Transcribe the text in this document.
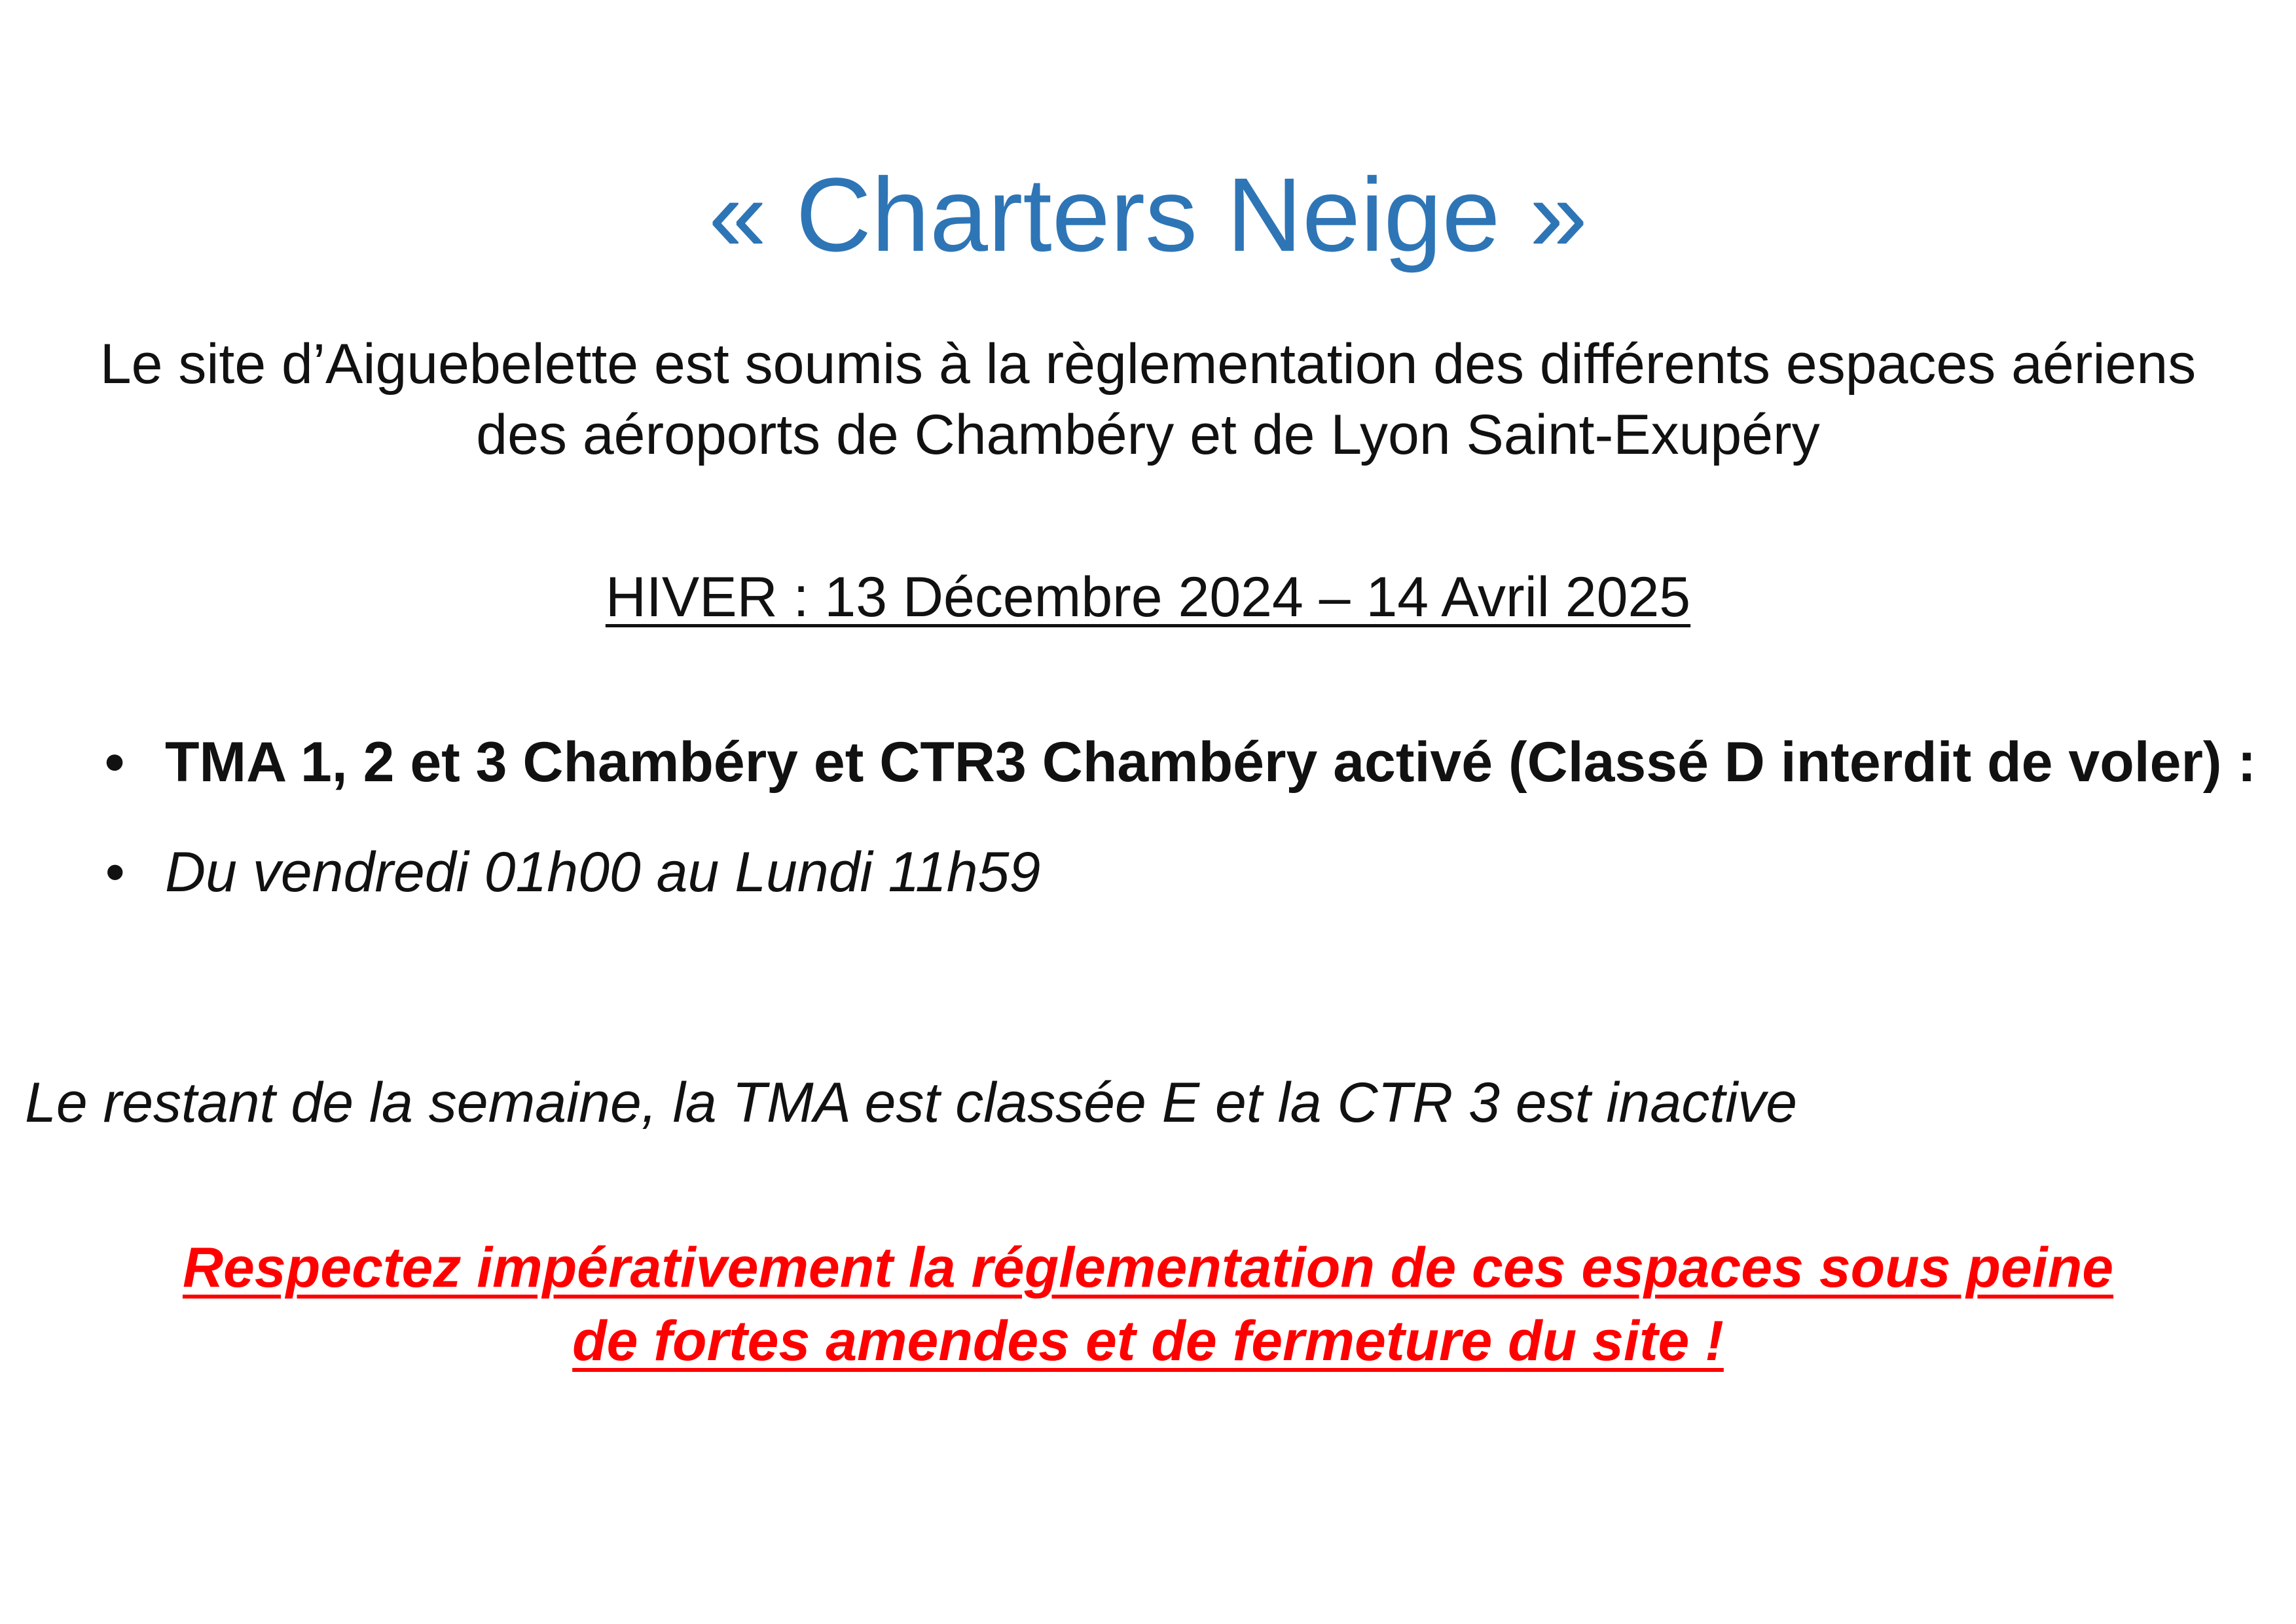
« Charters Neige »
Le site d’Aiguebelette est soumis à la règlementation des différents espaces aériens
des aéroports de Chambéry et de Lyon Saint-Exupéry
HIVER : 13 Décembre 2024 – 14 Avril 2025
• TMA 1, 2 et 3 Chambéry et CTR3 Chambéry activé (Classé D interdit de voler) :
• Du vendredi 01h00 au Lundi 11h59
Le restant de la semaine, la TMA est classée E et la CTR 3 est inactive
Respectez impérativement la réglementation de ces espaces sous peine
de fortes amendes et de fermeture du site !
